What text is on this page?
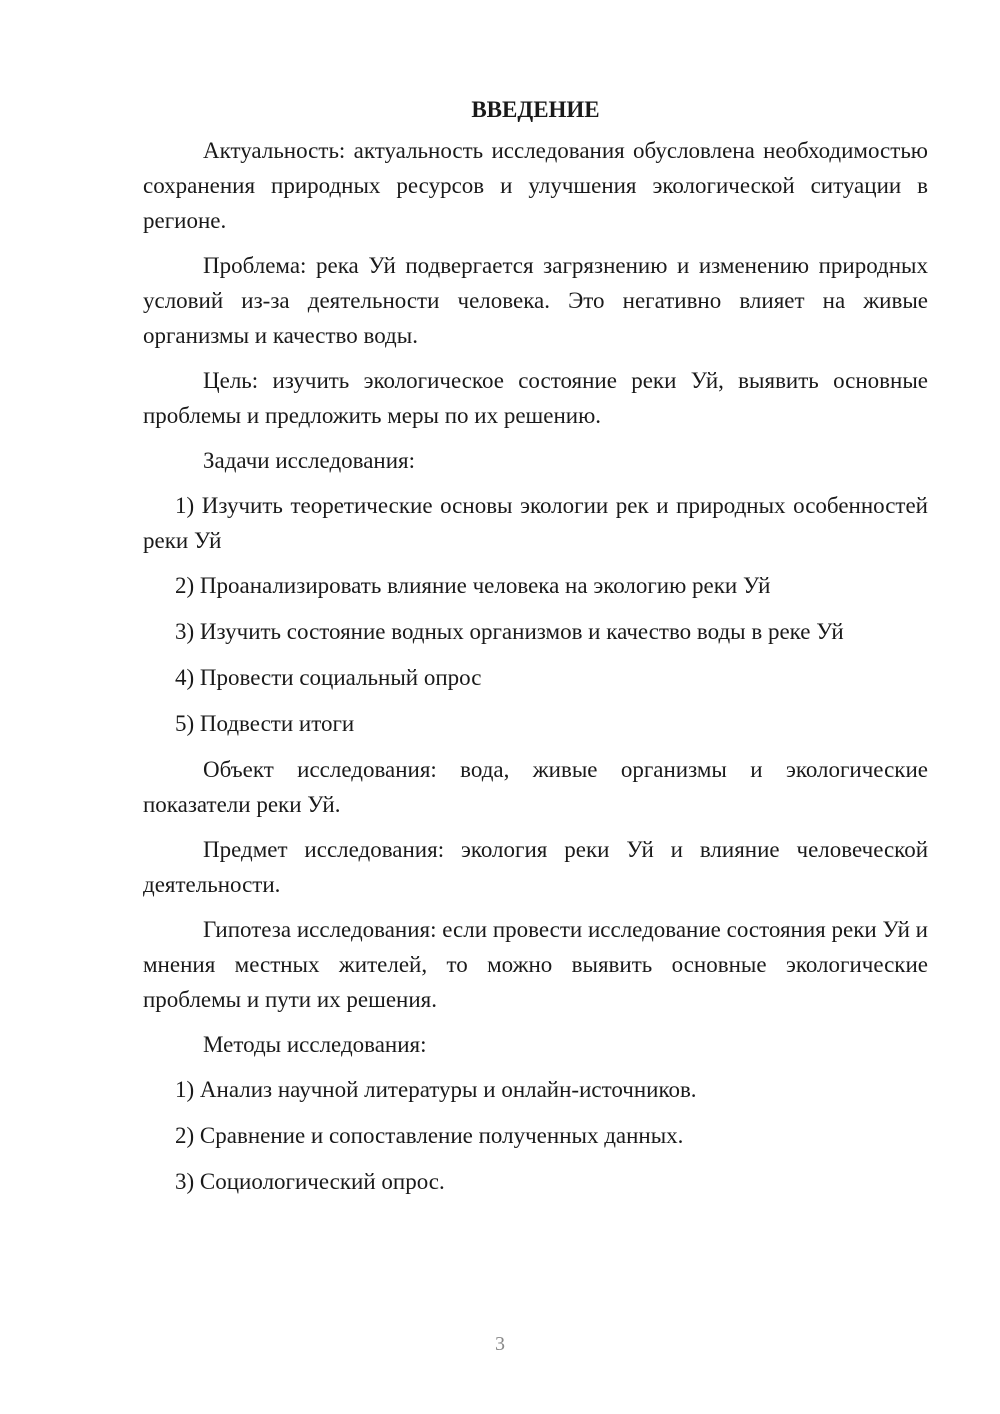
ВВЕДЕНИЕ

Актуальность: актуальность исследования обусловлена необходимостью сохранения природных ресурсов и улучшения экологической ситуации в регионе.

Проблема: река Уй подвергается загрязнению и изменению природных условий из-за деятельности человека. Это негативно влияет на живые организмы и качество воды.

Цель: изучить экологическое состояние реки Уй, выявить основные проблемы и предложить меры по их решению.

Задачи исследования:

1) Изучить теоретические основы экологии рек и природных особенностей реки Уй

2) Проанализировать влияние человека на экологию реки Уй

3) Изучить состояние водных организмов и качество воды в реке Уй

4) Провести социальный опрос

5) Подвести итоги

Объект исследования: вода, живые организмы и экологические показатели реки Уй.

Предмет исследования: экология реки Уй и влияние человеческой деятельности.

Гипотеза исследования: если провести исследование состояния реки Уй и мнения местных жителей, то можно выявить основные экологические проблемы и пути их решения.

Методы исследования:

1) Анализ научной литературы и онлайн-источников.

2) Сравнение и сопоставление полученных данных.

3) Социологический опрос.

3
